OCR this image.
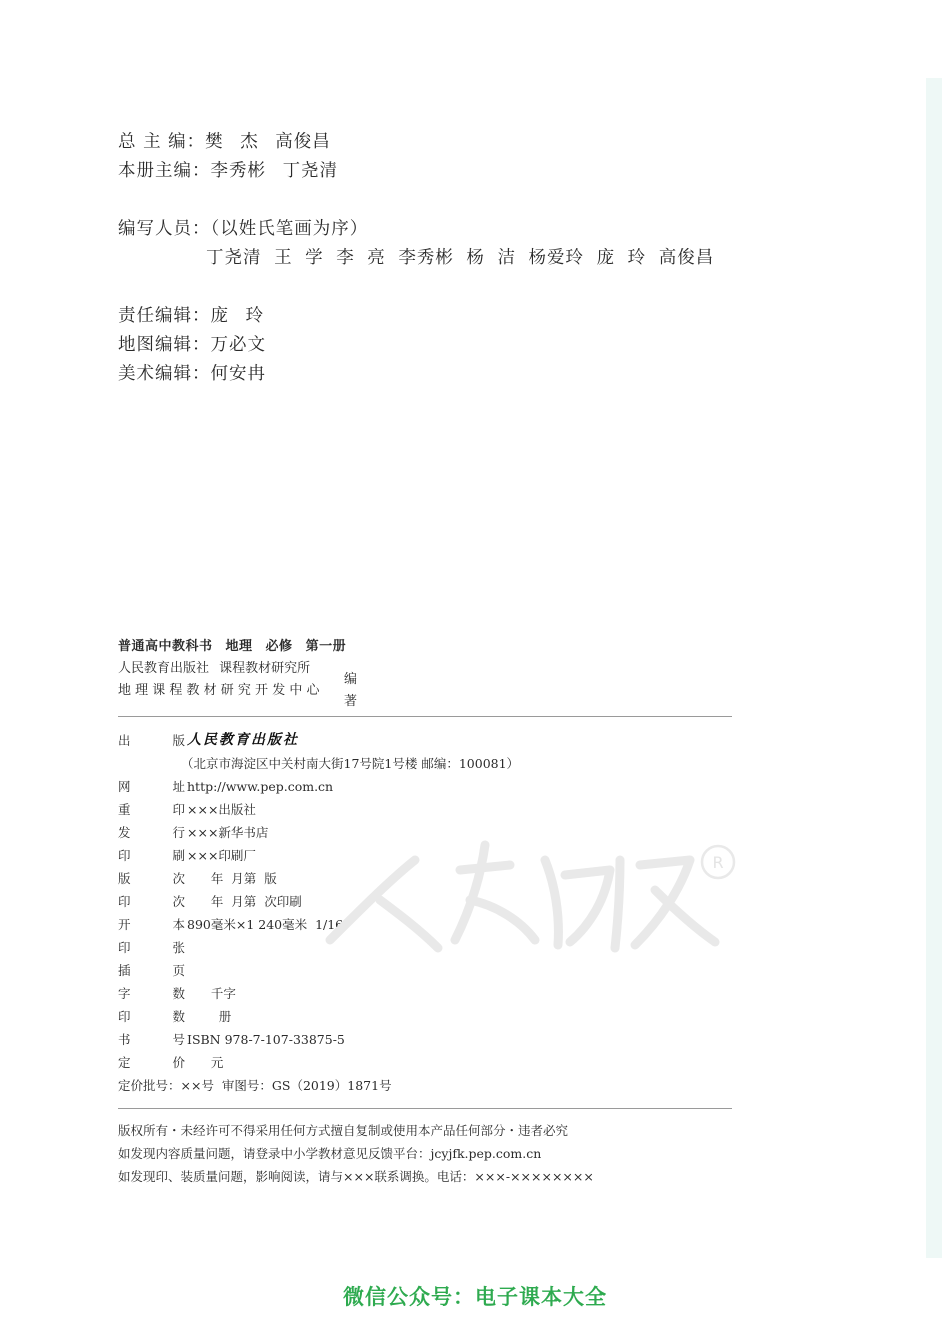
总 主 编：樊 杰 高俊昌
本册主编：李秀彬 丁尧清
编写人员：（以姓氏笔画为序）
丁尧清 王 学 李 亮 李秀彬 杨 洁 杨爱玲 庞 玲 高俊昌
责任编辑：庞 玲
地图编辑：万必文
美术编辑：何安冉
普通高中教科书 地理 必修 第一册
人民教育出版社 课程教材研究所
地 理 课 程 教 材 研 究 开 发 中 心
编著
出	版 人民教育出版社
（北京市海淀区中关村南大街17号院1号楼 邮编：100081）
网	址 http://www.pep.com.cn
重	印 ×××出版社
发	行 ×××新华书店
印	刷 ×××印刷厂
版	次 年  月第  版
印	次 年  月第  次印刷
开	本 890毫米×1 240毫米  1/16
印	张
插	页
字	数 千字
印	数 册
书	号 ISBN 978-7-107-33875-5
定	价 元
定价批号：××号  审图号：GS（2019）1871号
版权所有・未经许可不得采用任何方式擅自复制或使用本产品任何部分・违者必究
如发现内容质量问题，请登录中小学教材意见反馈平台：jcyjfk.pep.com.cn
如发现印、装质量问题，影响阅读，请与×××联系调换。电话：×××-××××××××
R
微信公众号：电子课本大全
